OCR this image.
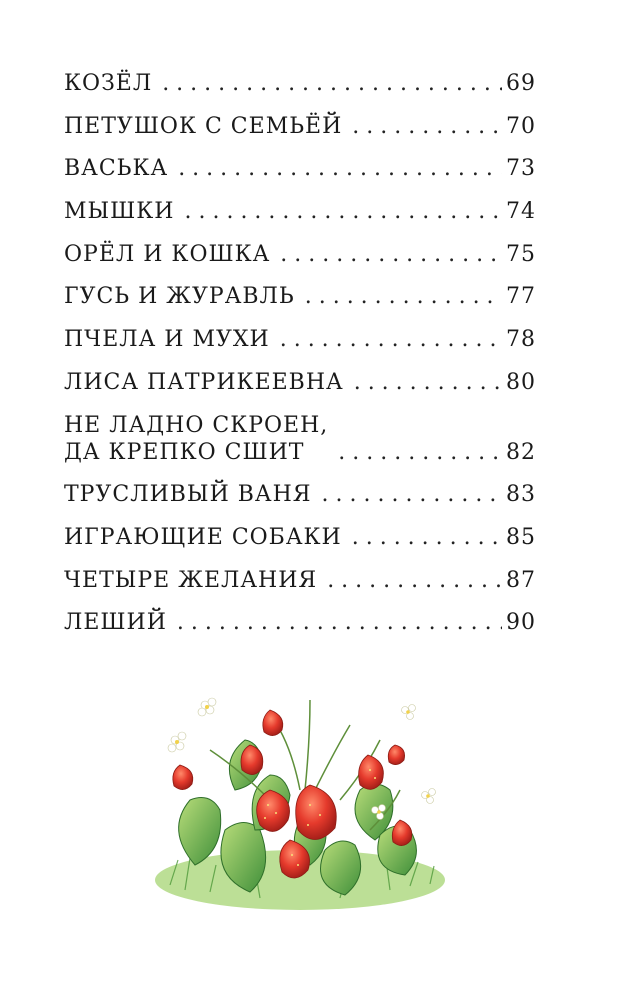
КОЗЁЛ . . .	69
ПЕТУШОК С СЕМЬЁЙ . . .	70
ВАСЬКА . . .	73
МЫШКИ . . .	74
ОРЁЛ И КОШКА . . .	75
ГУСЬ И ЖУРАВЛЬ . . .	77
ПЧЕЛА И МУХИ . . .	78
ЛИСА ПАТРИКЕЕВНА . . .	80
НЕ ЛАДНО СКРОЕН,
ДА КРЕПКО СШИТ . . .	82
ТРУСЛИВЫЙ ВАНЯ . . .	83
ИГРАЮЩИЕ СОБАКИ . . .	85
ЧЕТЫРЕ ЖЕЛАНИЯ . . .	87
ЛЕШИЙ . . .	90
